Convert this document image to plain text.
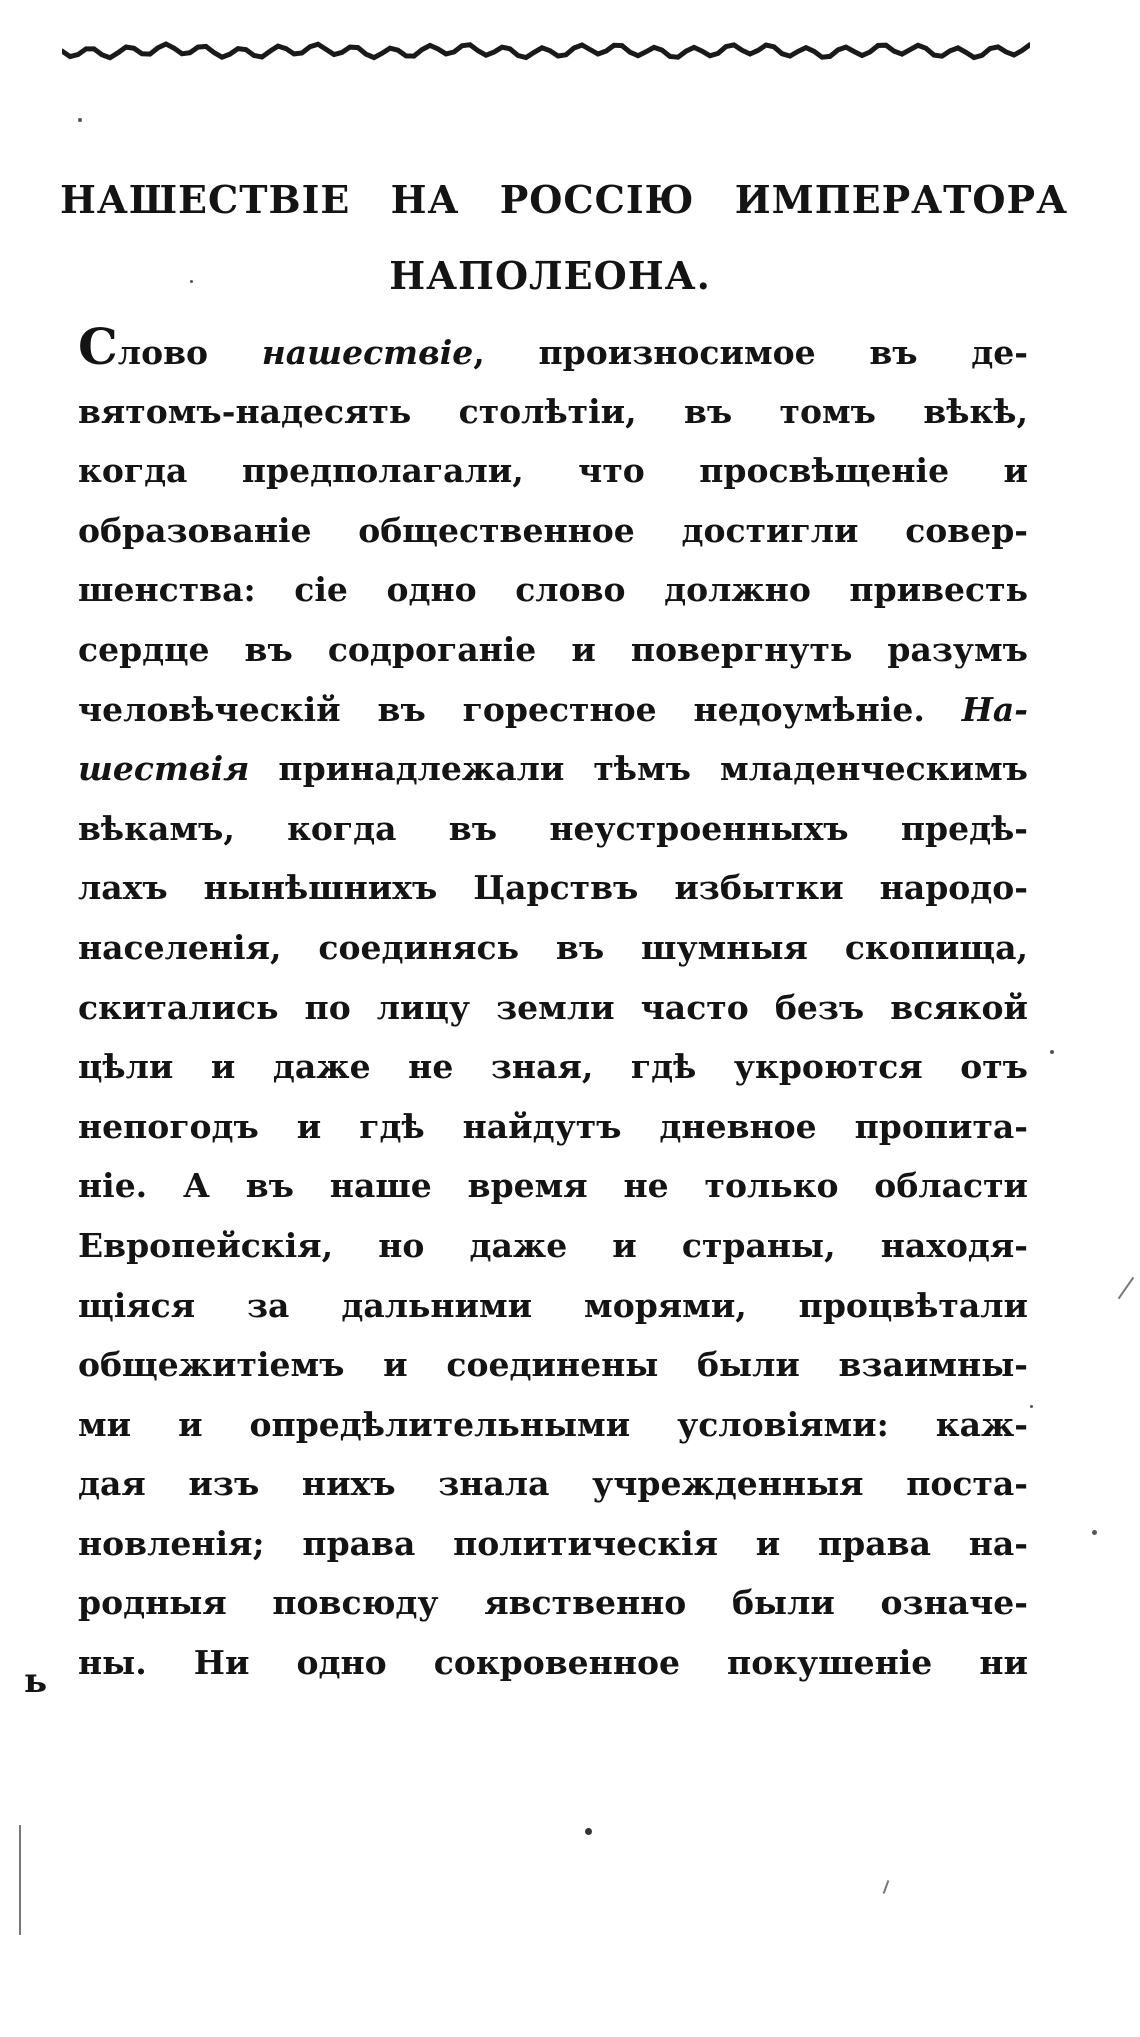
НАШЕСТВІЕ НА РОССІЮ ИМПЕРАТОРА
НАПОЛЕОНА.
Слово нашествіе, произносимое въ де-
вятомъ-надесять столѣтіи, въ томъ вѣкѣ,
когда предполагали, что просвѣщеніе и
образованіе общественное достигли совер-
шенства: сіе одно слово должно привесть
сердце въ содроганіе и повергнуть разумъ
человѣческій въ горестное недоумѣніе. На-
шествія принадлежали тѣмъ младенческимъ
вѣкамъ, когда въ неустроенныхъ предѣ-
лахъ нынѣшнихъ Царствъ избытки народо-
населенія, соединясь въ шумныя скопища,
скитались по лицу земли часто безъ всякой
цѣли и даже не зная, гдѣ укроются отъ
непогодъ и гдѣ найдутъ дневное пропита-
ніе. А въ наше время не только области
Европейскія, но даже и страны, находя-
щіяся за дальними морями, процвѣтали
общежитіемъ и соединены были взаимны-
ми и опредѣлительными условіями: каж-
дая изъ нихъ знала учрежденныя поста-
новленія; права политическія и права на-
родныя повсюду явственно были означе-
ны. Ни одно сокровенное покушеніе ни
ь
